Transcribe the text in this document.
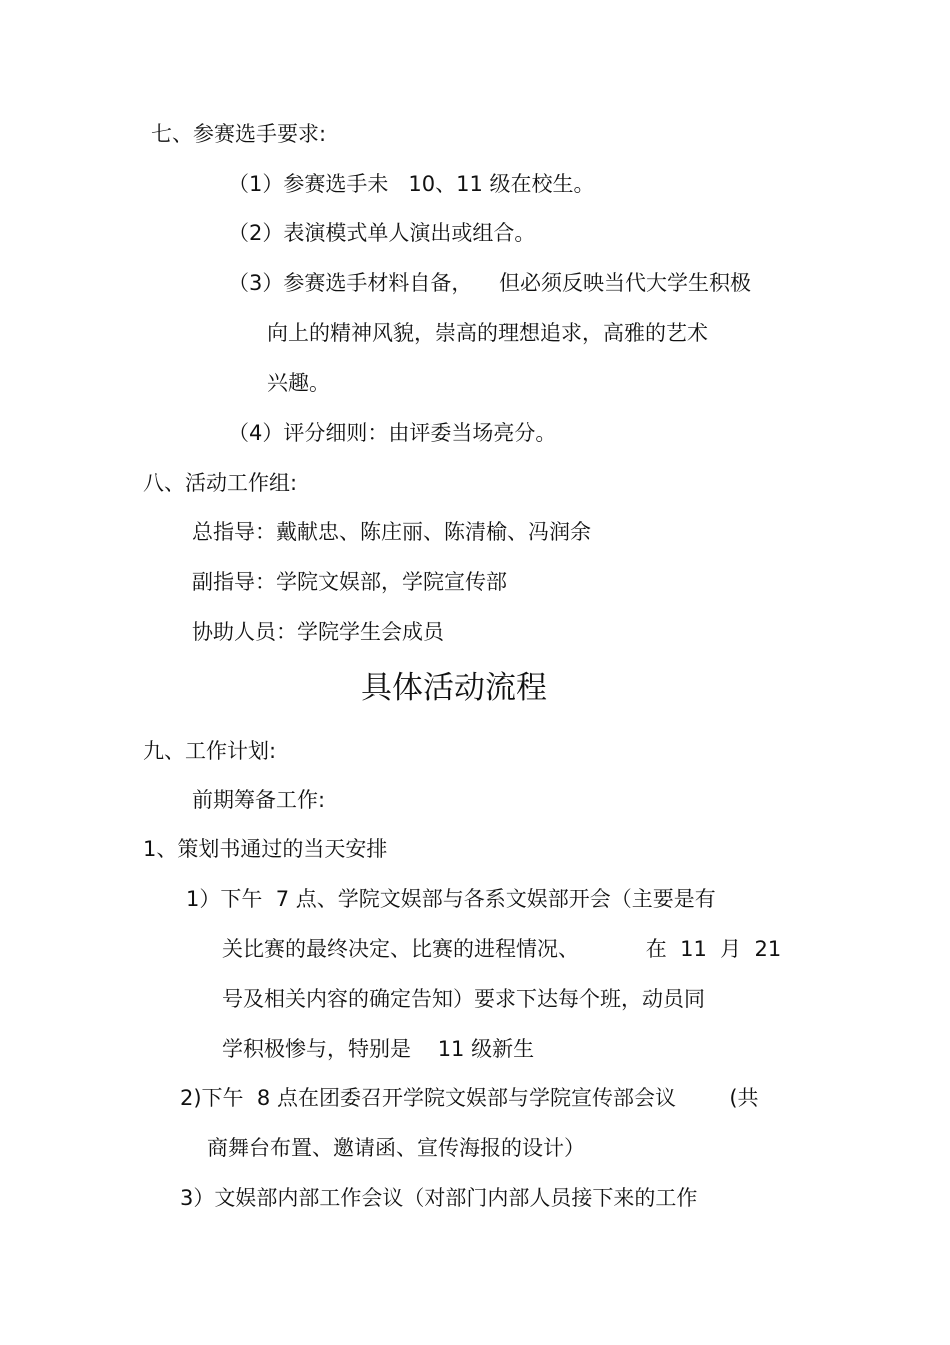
七、参赛选手要求:
（1）参赛选手未   10、11 级在校生。
（2）表演模式单人演出或组合。
（3）参赛选手材料自备，    但必须反映当代大学生积极
向上的精神风貌，崇高的理想追求，高雅的艺术
兴趣。
（4）评分细则：由评委当场亮分。
八、活动工作组:
总指导：戴献忠、陈庄丽、陈清榆、冯润余
副指导：学院文娱部，学院宣传部
协助人员：学院学生会成员
具体活动流程
九、工作计划:
前期筹备工作:
1、策划书通过的当天安排
1）下午  7 点、学院文娱部与各系文娱部开会（主要是有
关比赛的最终决定、比赛的进程情况、          在  11  月  21
号及相关内容的确定告知）要求下达每个班，动员同
学积极惨与，特别是    11 级新生
2)下午  8 点在团委召开学院文娱部与学院宣传部会议        (共
商舞台布置、邀请函、宣传海报的设计）
3）文娱部内部工作会议（对部门内部人员接下来的工作
